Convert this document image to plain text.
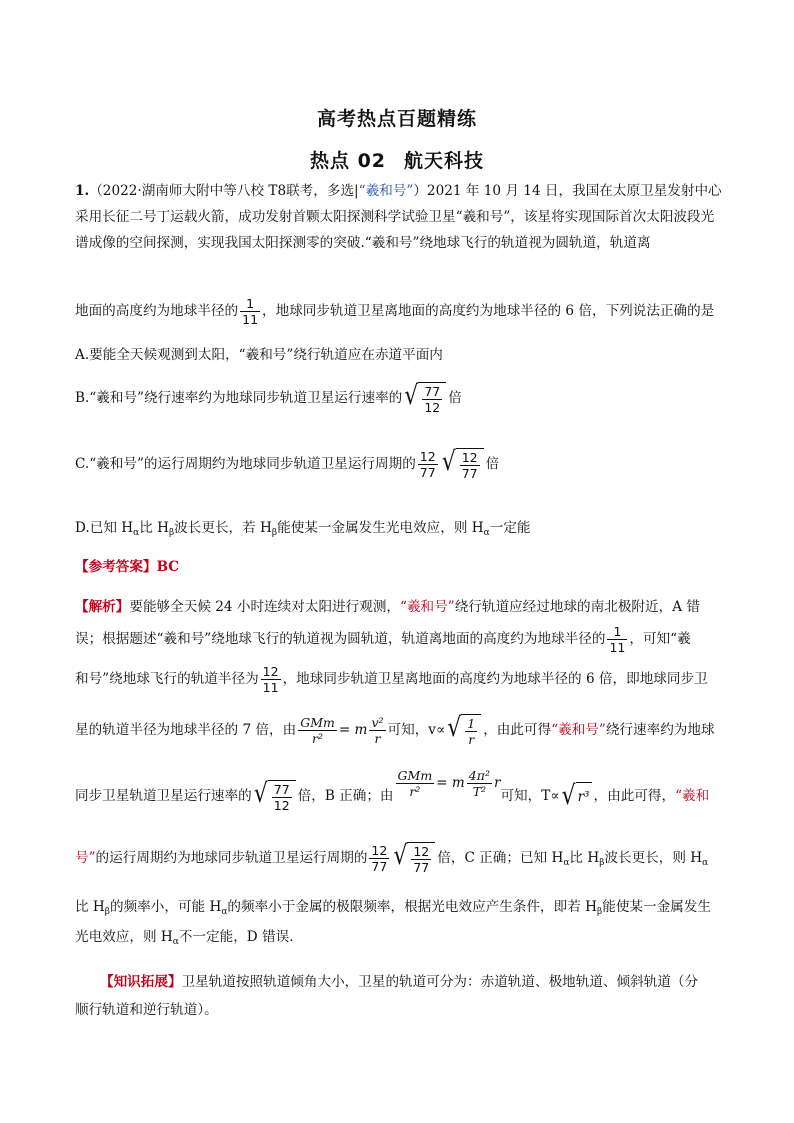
高考热点百题精练
热点 02 航天科技
1.（2022·湖南师大附中等八校 T8联考，多选|“羲和号”）2021 年 10 月 14 日，我国在太原卫星发射中心采用长征二号丁运载火箭，成功发射首颗太阳探测科学试验卫星“羲和号”，该星将实现国际首次太阳波段光谱成像的空间探测，实现我国太阳探测零的突破.“羲和号”绕地球飞行的轨道视为圆轨道，轨道离
地面的高度约为地球半径的 $\frac{1}{11}$ ，地球同步轨道卫星离地面的高度约为地球半径的 6 倍，下列说法正确的是
A.要能全天候观测到太阳，“羲和号”绕行轨道应在赤道平面内
B.“羲和号”绕行速率约为地球同步轨道卫星运行速率的 √ $\frac{77}{12}$ 倍
C.“羲和号”的运行周期约为地球同步轨道卫星运行周期的 $\frac{12}{77}$ √ $\frac{12}{77}$ 倍
D.已知 $H_\alpha$比 $H_\beta$波长更长，若 $H_\beta$能使某一金属发生光电效应，则 $H_\alpha$一定能
【参考答案】BC
【解析】要能够全天候 24 小时连续对太阳进行观测，“羲和号”绕行轨道应经过地球的南北极附近，A 错
误；根据题述“羲和号”绕地球飞行的轨道视为圆轨道，轨道离地面的高度约为地球半径的 $\frac{1}{11}$ ，可知“羲
和号”绕地球飞行的轨道半径为 $\frac{12}{11}$ ，地球同步轨道卫星离地面的高度约为地球半径的 6 倍，即地球同步卫
星的轨道半径为地球半径的 7 倍，由 $\frac{\text{GMm}}{\text{r²}} = m \frac{\text{v²}}{r}$ 可知，v∝ √ $\frac{1}{r}$ ，由此可得“羲和号”绕行速率约为地球
同步卫星轨道卫星运行速率的 √ $\frac{77}{12}$ 倍，B 正确；由 $\frac{\text{GMm}}{\text{r²}} = m \frac{\text{4π²}}{\text{T²}}$ r可知，T∝ √ r³ ，由此可得，“羲和
号”的运行周期约为地球同步轨道卫星运行周期的 $\frac{12}{77}$ √ $\frac{12}{77}$ 倍，C 正确；已知 $H_\alpha$比 $H_\beta$波长更长，则 $H_\alpha$
比 $H_\beta$的频率小，可能 $H_\alpha$的频率小于金属的极限频率，根据光电效应产生条件，即若 $H_\beta$能使某一金属发生
光电效应，则 $H_\alpha$不一定能，D 错误.
【知识拓展】卫星轨道按照轨道倾角大小，卫星的轨道可分为：赤道轨道、极地轨道、倾斜轨道（分
顺行轨道和逆行轨道）。
